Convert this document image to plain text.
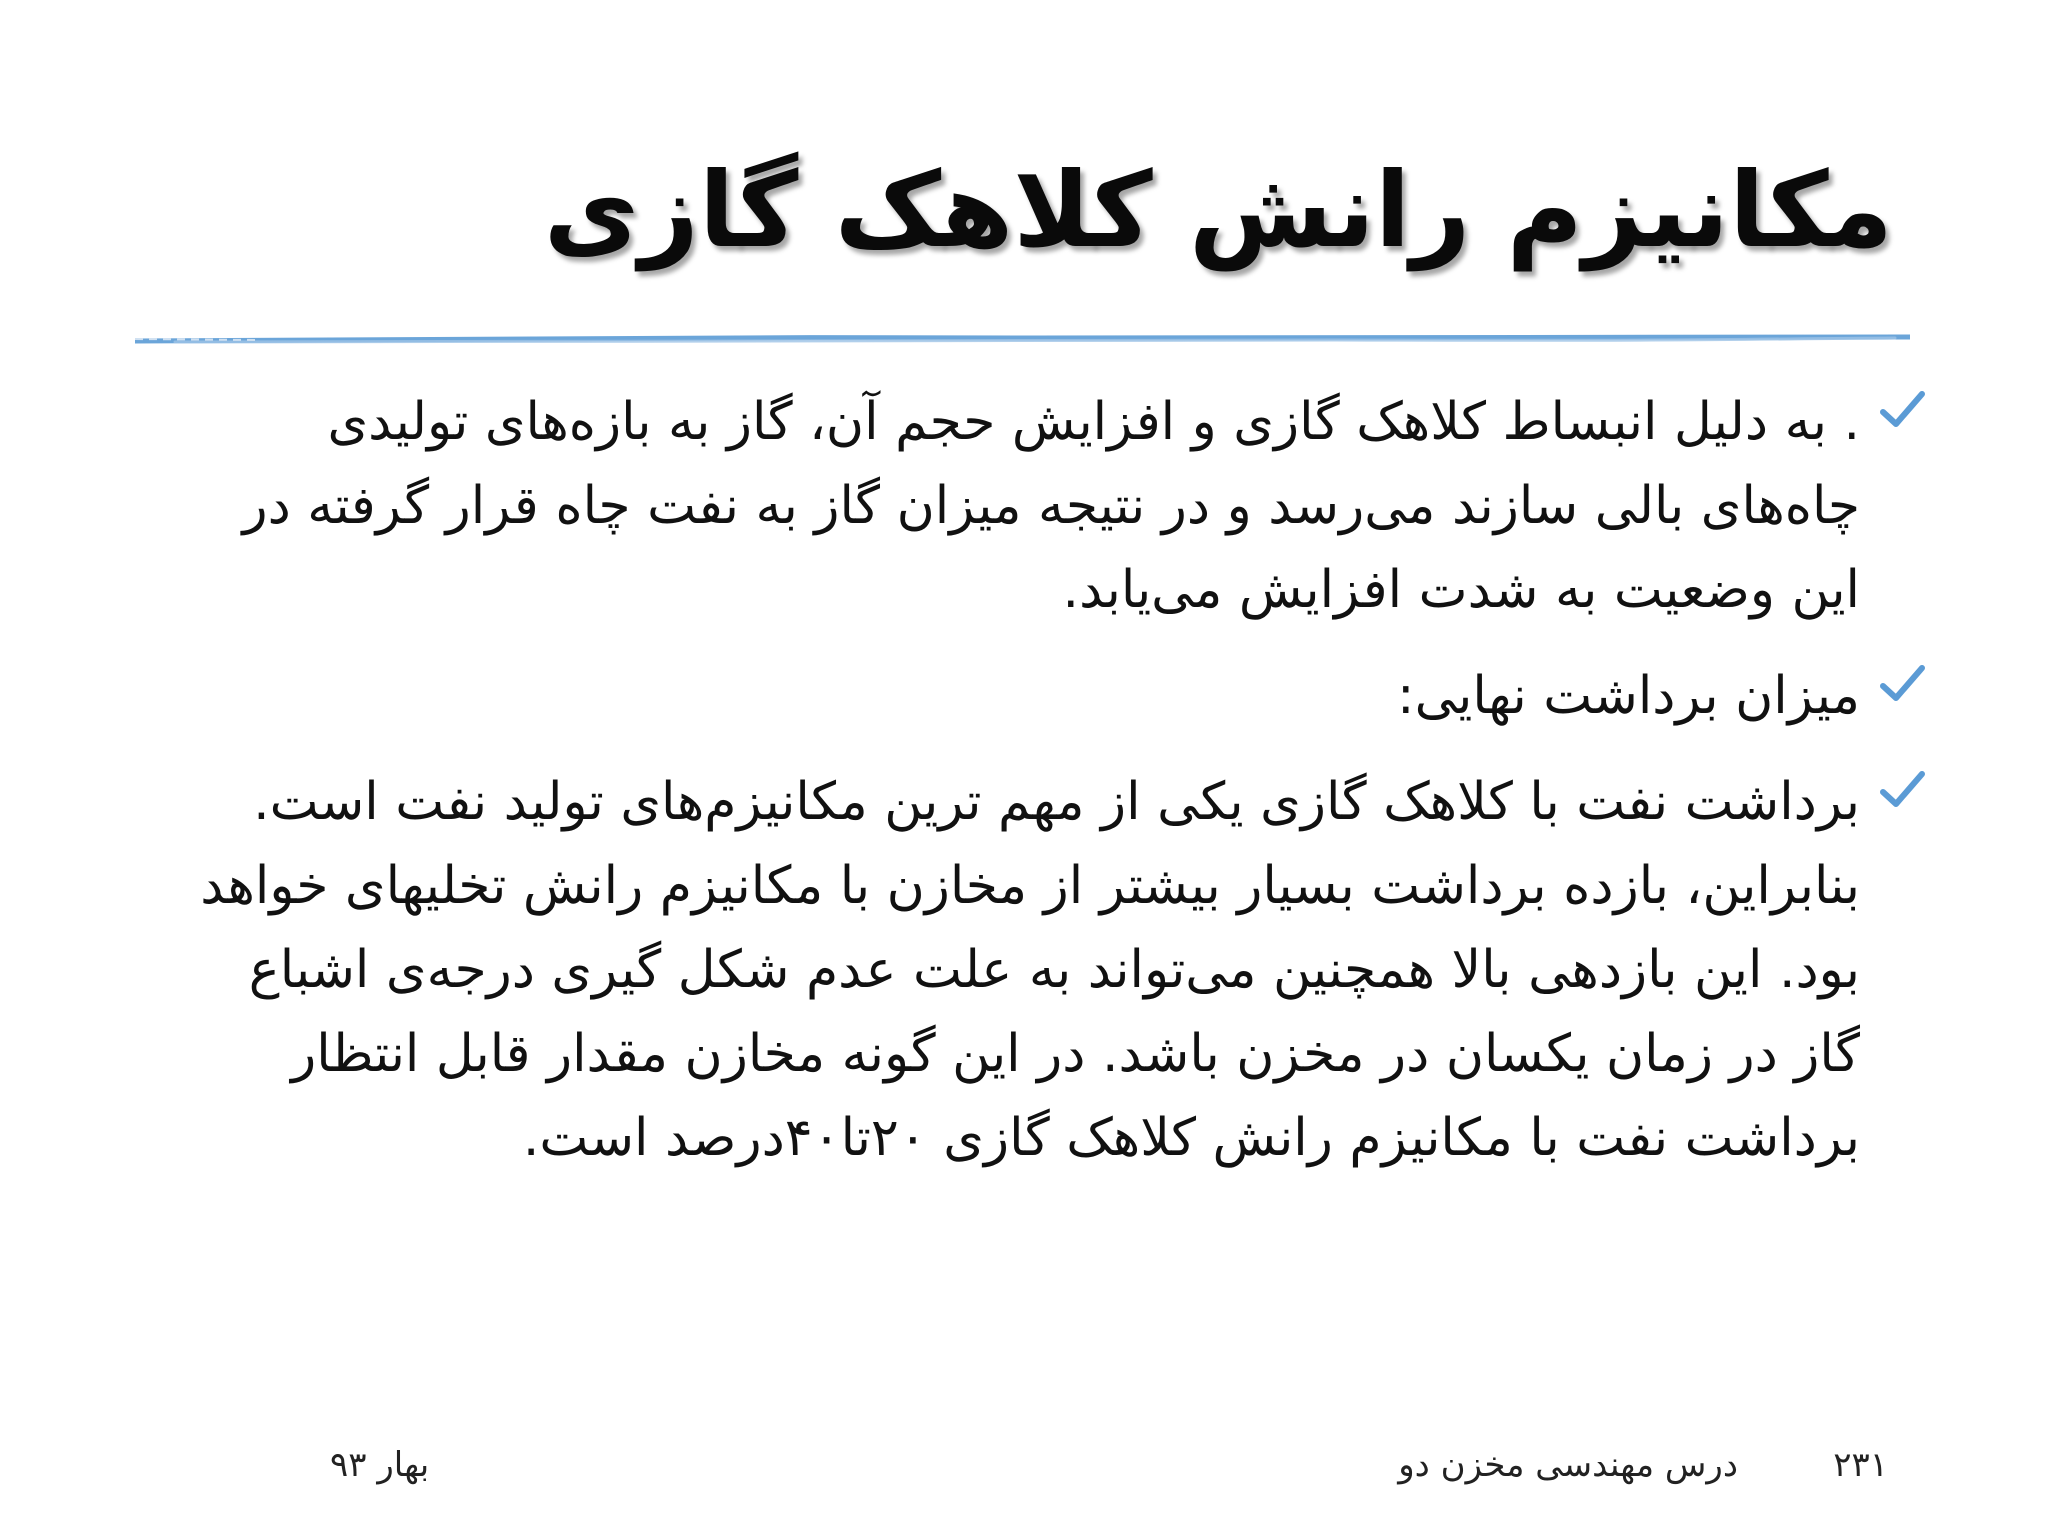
مکانیزم رانش کلاهک گازی
. به دلیل انبساط کلاهک گازی و افزایش حجم آن، گاز به بازه‌های تولیدی چاه‌های بالی سازند می‌رسد و در نتیجه میزان گاز به نفت چاه قرار گرفته در این وضعیت به شدت افزایش می‌یابد.
میزان برداشت نهایی:
برداشت نفت با کلاهک گازی یکی از مهم ترین مکانیزم‌های تولید نفت است. بنابراین، بازده برداشت بسیار بیشتر از مخازن با مکانیزم رانش تخلیهای خواهد بود. این بازدهی بالا همچنین می‌تواند به علت عدم شکل گیری درجه‌ی اشباع گاز در زمان یکسان در مخزن باشد. در این گونه مخازن مقدار قابل انتظار برداشت نفت با مکانیزم رانش کلاهک گازی ۲۰تا۴۰درصد است.
۲۳۱
درس مهندسی مخزن دو
بهار ۹۳
